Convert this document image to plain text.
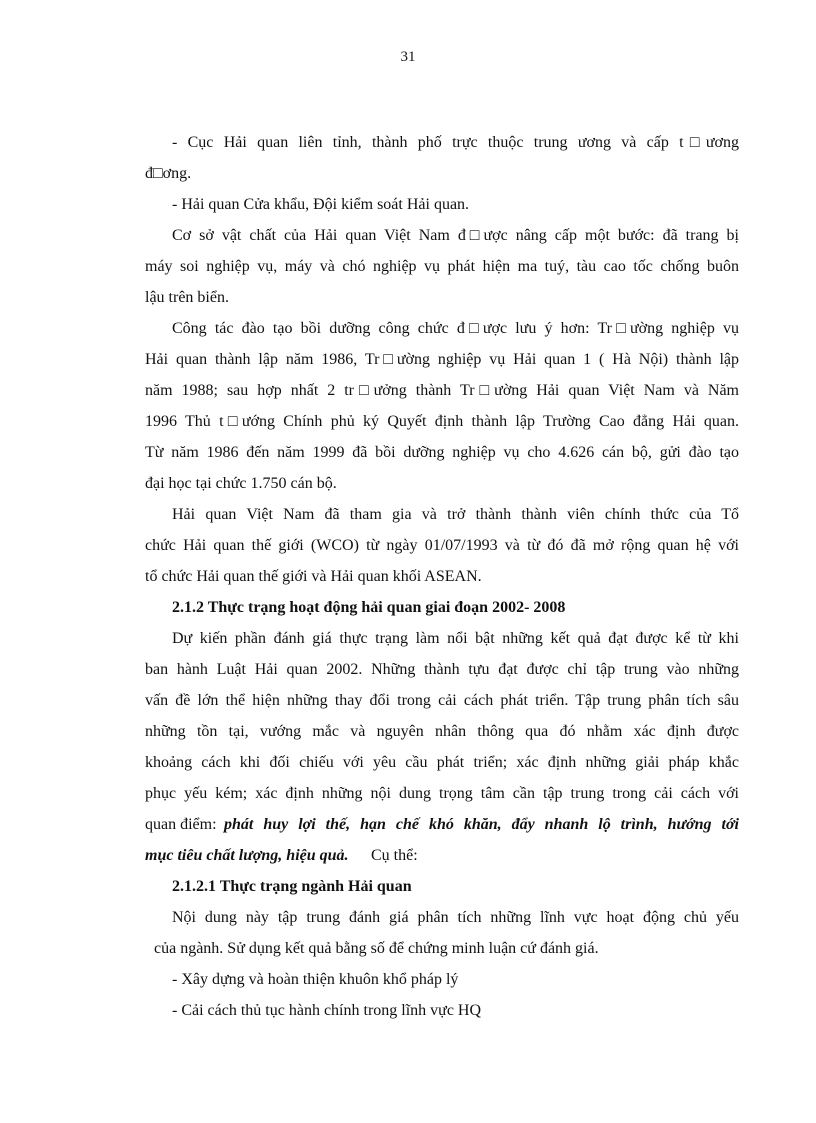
31
- Cục Hải quan liên tỉnh, thành phố trực thuộc trung ương và cấp t□ương
đ□ơng.
- Hải quan Cửa khẩu, Đội kiểm soát Hải quan.
Cơ sở vật chất của Hải quan Việt Nam đ□ược nâng cấp một bước: đã trang bị
máy soi nghiệp vụ, máy và chó nghiệp vụ phát hiện ma tuý, tàu cao tốc chống buôn
lậu trên biển.
Công tác đào tạo bồi dưỡng công chức đ□ược lưu ý hơn: Tr□ường nghiệp vụ
Hải quan thành lập năm 1986, Tr□ường nghiệp vụ Hải quan 1 ( Hà Nội) thành lập
năm 1988; sau hợp nhất 2 tr□ưởng thành Tr□ường Hải quan Việt Nam và Năm
1996 Thủ t□ướng Chính phủ ký Quyết định thành lập Trường Cao đẳng Hải quan.
Từ năm 1986 đến năm 1999 đã bồi dưỡng nghiệp vụ cho 4.626 cán bộ, gửi đào tạo
đại học tại chức 1.750 cán bộ.
Hải quan Việt Nam đã tham gia và trở thành thành viên chính thức của Tổ
chức Hải quan thế giới (WCO) từ ngày 01/07/1993 và từ đó đã mở rộng quan hệ với
tổ chức Hải quan thế giới và Hải quan khối ASEAN.
2.1.2 Thực trạng hoạt động hải quan giai đoạn 2002- 2008
Dự kiến phần đánh giá thực trạng làm nổi bật những kết quả đạt được kể từ khi
ban hành Luật Hải quan 2002. Những thành tựu đạt được chỉ tập trung vào những
vấn đề lớn thể hiện những thay đổi trong cải cách phát triển. Tập trung phân tích sâu
những tồn tại, vướng mắc và nguyên nhân thông qua đó nhằm xác định được
khoảng cách khi đối chiếu với yêu cầu phát triển; xác định những giải pháp khắc
phục yếu kém; xác định những nội dung trọng tâm cần tập trung trong cải cách với
quan điểm: phát huy lợi thế, hạn chế khó khăn, đẩy nhanh lộ trình, hướng tới
mục tiêu chất lượng, hiệu quả.	Cụ thể:
2.1.2.1 Thực trạng ngành Hải quan
Nội dung này tập trung đánh giá phân tích những lĩnh vực hoạt động chủ yếu
của ngành. Sử dụng kết quả bằng số để chứng minh luận cứ đánh giá.
- Xây dựng và hoàn thiện khuôn khổ pháp lý
- Cải cách thủ tục hành chính trong lĩnh vực HQ
